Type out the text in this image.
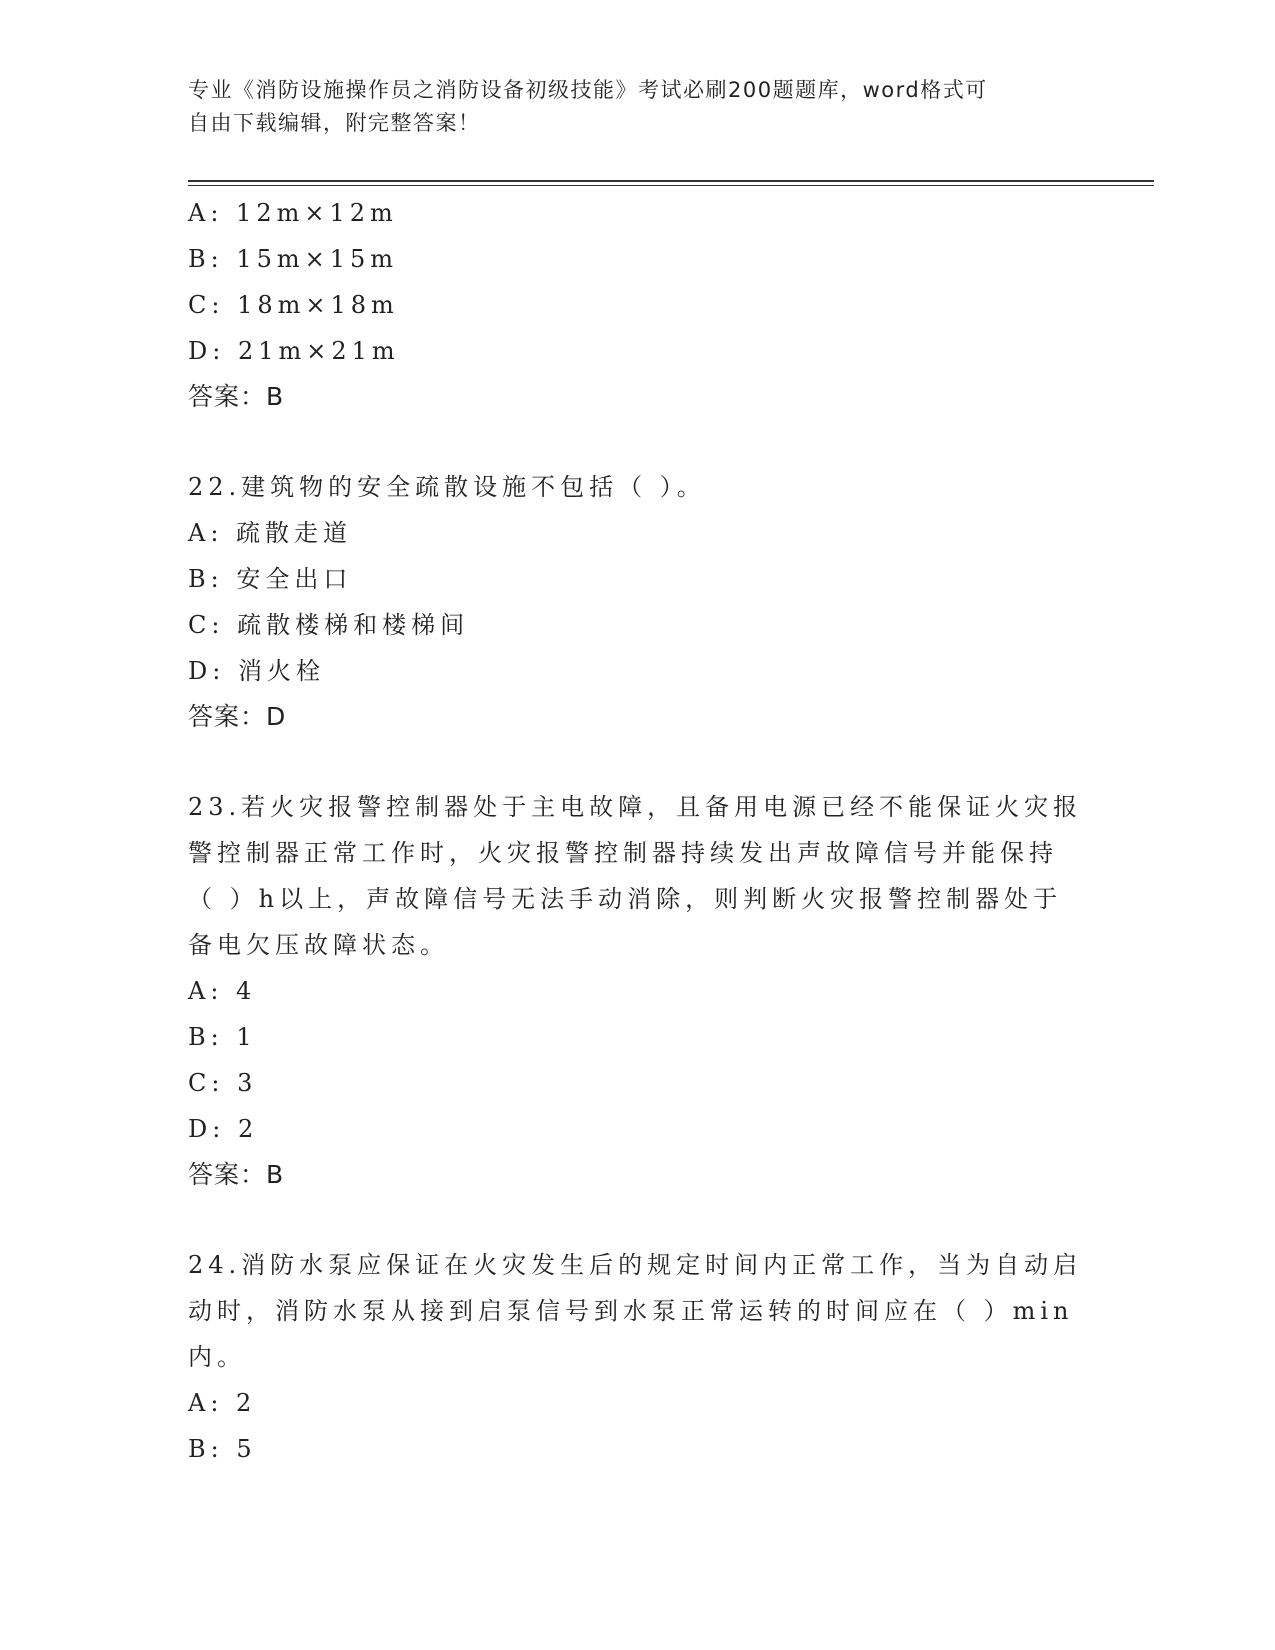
专业《消防设施操作员之消防设备初级技能》考试必刷200题题库，word格式可
自由下载编辑，附完整答案！
A: 12m×12m
B: 15m×15m
C: 18m×18m
D: 21m×21m
答案：B
22.建筑物的安全疏散设施不包括（ ）。
A: 疏散走道
B: 安全出口
C: 疏散楼梯和楼梯间
D: 消火栓
答案：D
23.若火灾报警控制器处于主电故障，且备用电源已经不能保证火灾报
警控制器正常工作时，火灾报警控制器持续发出声故障信号并能保持
（ ）h以上，声故障信号无法手动消除，则判断火灾报警控制器处于
备电欠压故障状态。
A: 4
B: 1
C: 3
D: 2
答案：B
24.消防水泵应保证在火灾发生后的规定时间内正常工作，当为自动启
动时，消防水泵从接到启泵信号到水泵正常运转的时间应在（ ）min
内。
A: 2
B: 5
